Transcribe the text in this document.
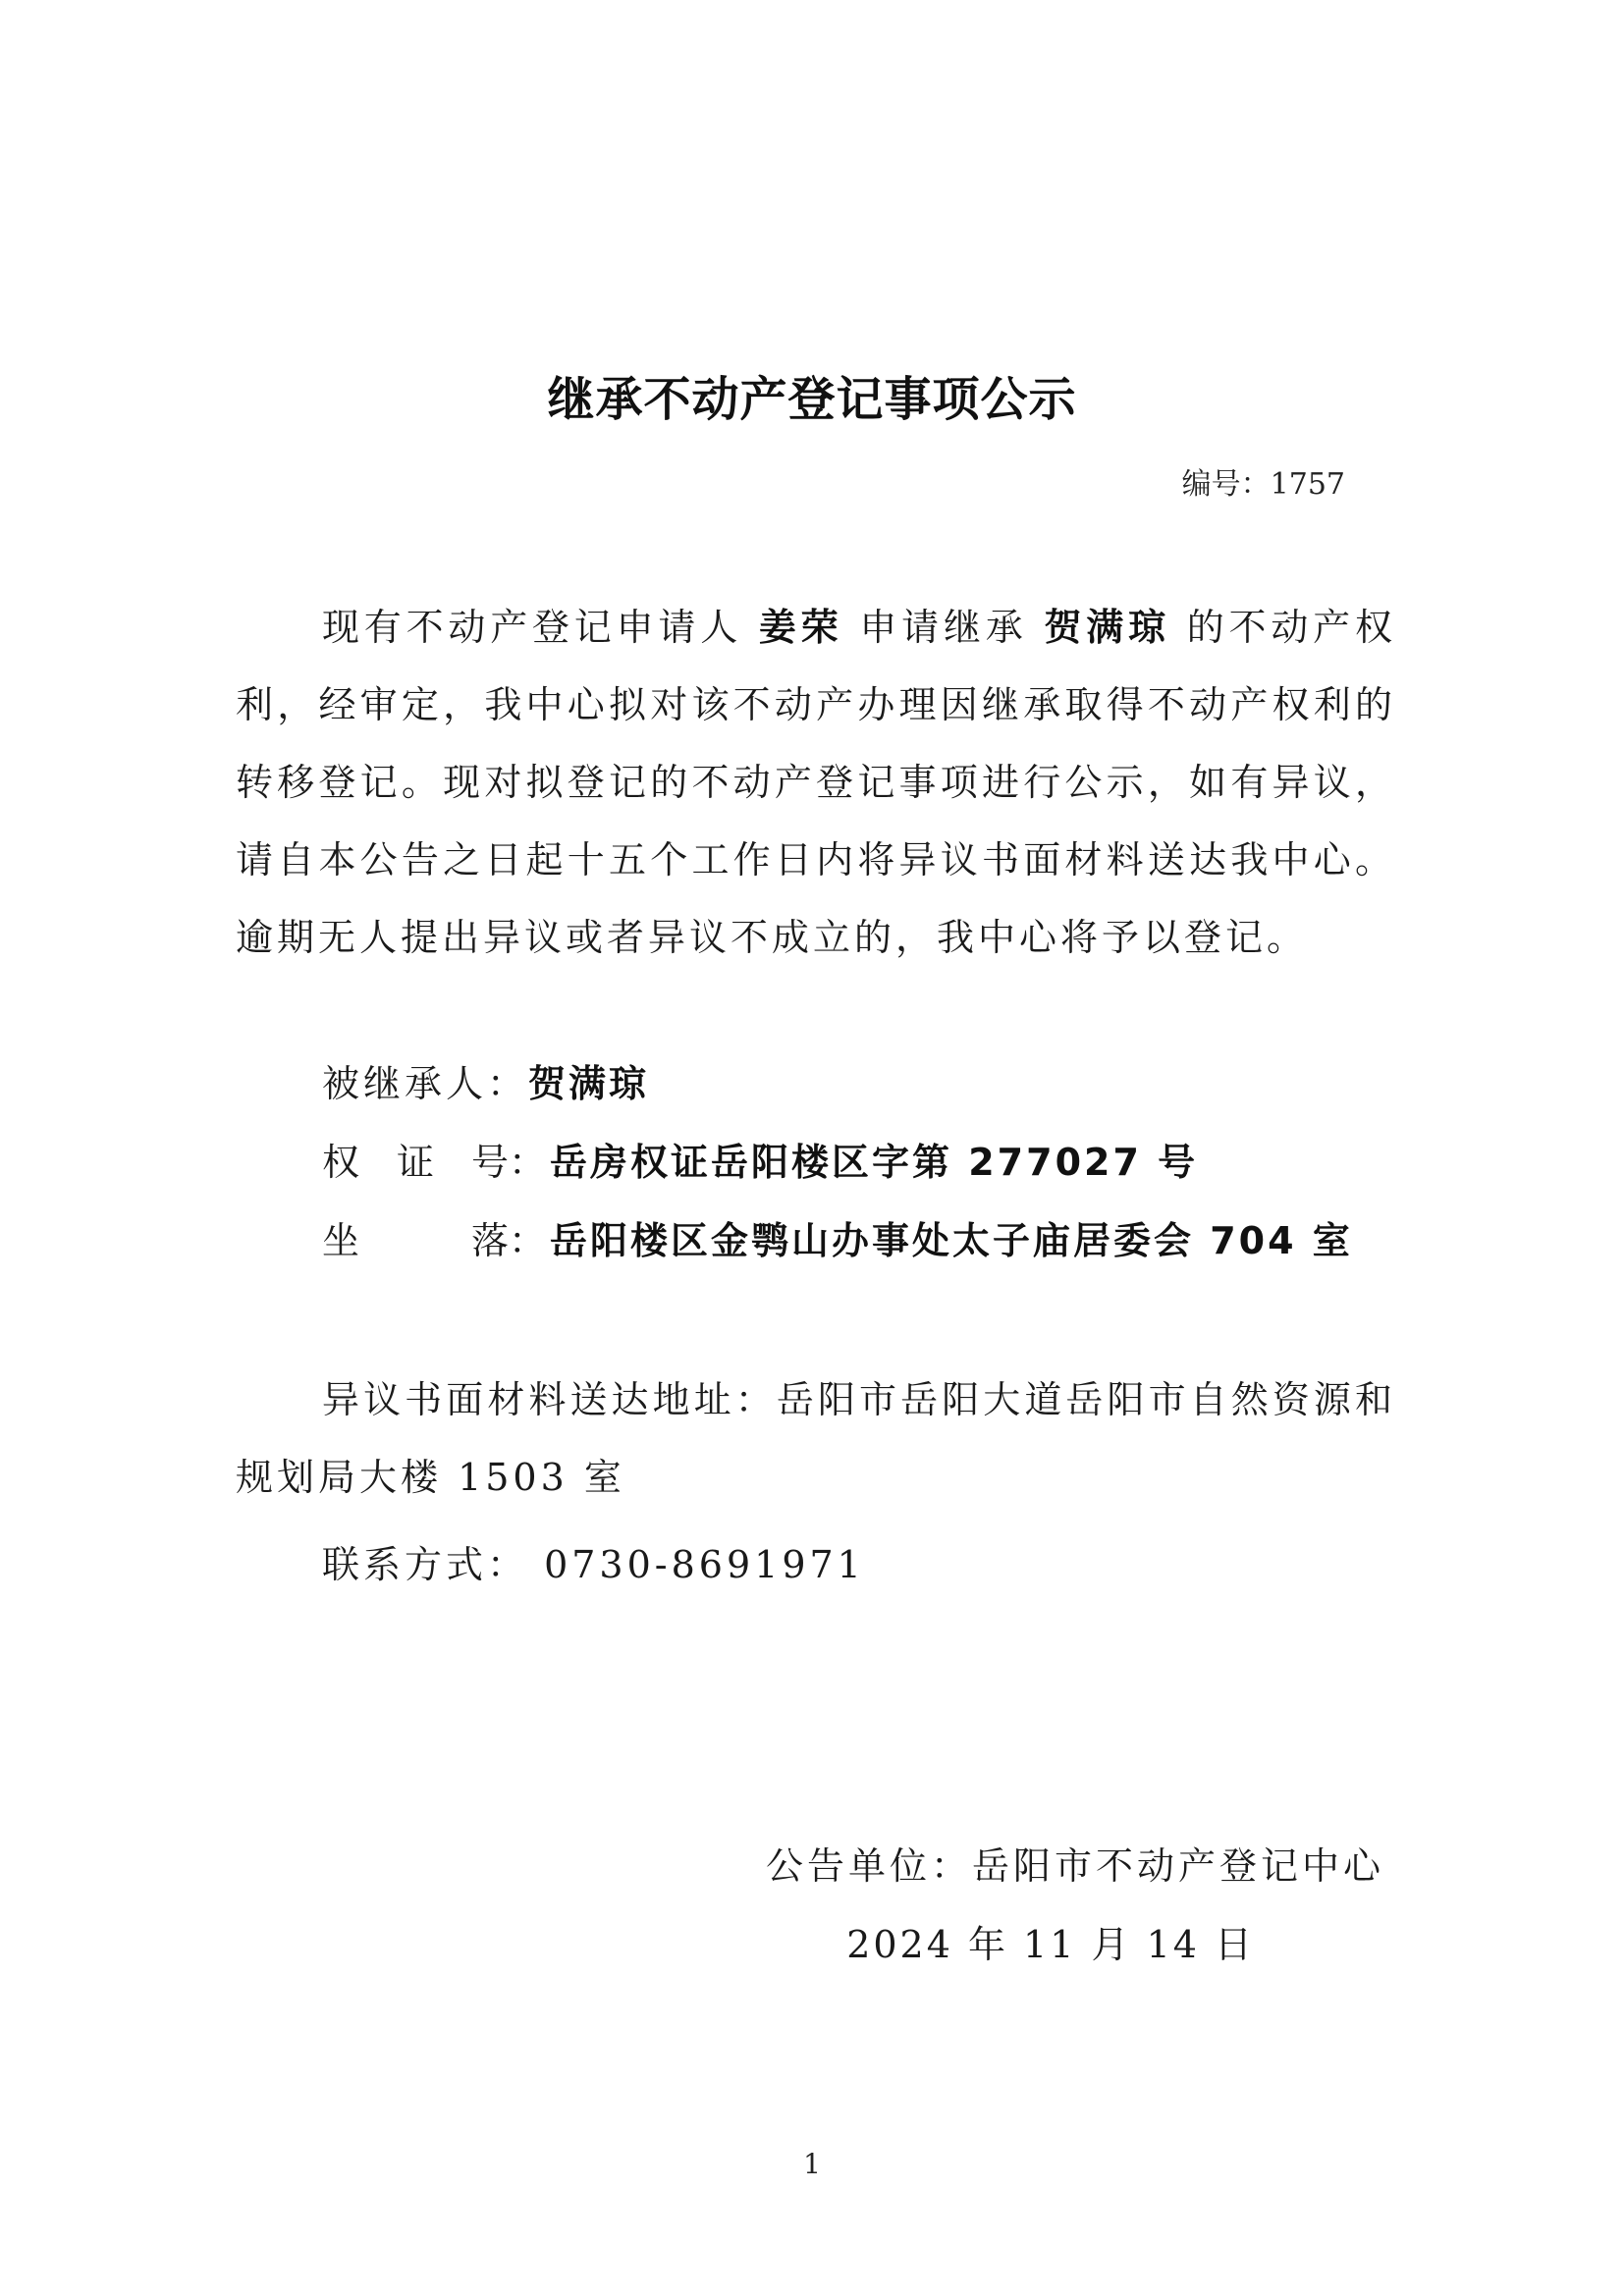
继承不动产登记事项公示
编号：1757

现有不动产登记申请人 姜荣 申请继承 贺满琼 的不动产权利，经审定，我中心拟对该不动产办理因继承取得不动产权利的转移登记。现对拟登记的不动产登记事项进行公示，如有异议，请自本公告之日起十五个工作日内将异议书面材料送达我中心。逾期无人提出异议或者异议不成立的，我中心将予以登记。

被继承人：贺满琼
权 证 号：岳房权证岳阳楼区字第 277027 号
坐　　落：岳阳楼区金鹗山办事处太子庙居委会 704 室

异议书面材料送达地址：岳阳市岳阳大道岳阳市自然资源和规划局大楼 1503 室

联系方式： 0730-8691971
公告单位：岳阳市不动产登记中心
2024 年 11 月 14 日
1
